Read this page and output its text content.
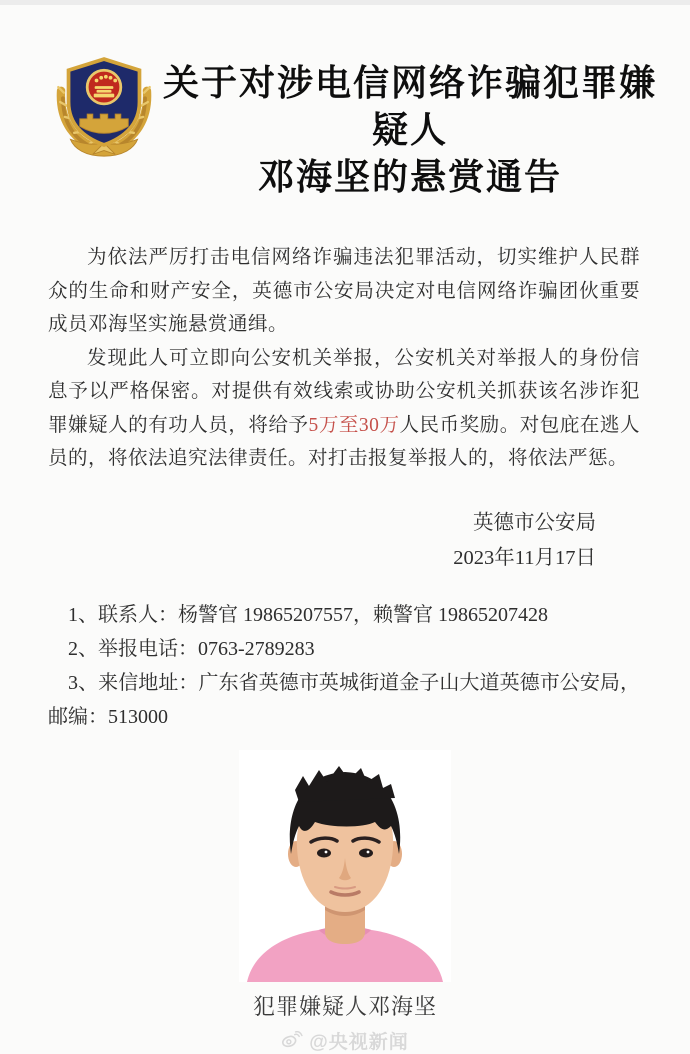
关于对涉电信网络诈骗犯罪嫌疑人
邓海坚的悬赏通告

为依法严厉打击电信网络诈骗违法犯罪活动，切实维护人民群众的生命和财产安全，英德市公安局决定对电信网络诈骗团伙重要成员邓海坚实施悬赏通缉。

发现此人可立即向公安机关举报，公安机关对举报人的身份信息予以严格保密。对提供有效线索或协助公安机关抓获该名涉诈犯罪嫌疑人的有功人员，将给予5万至30万人民币奖励。对包庇在逃人员的，将依法追究法律责任。对打击报复举报人的，将依法严惩。

英德市公安局
2023年11月17日

1、联系人：杨警官 19865207557，赖警官 19865207428

2、举报电话：0763-2789283

3、来信地址：广东省英德市英城街道金子山大道英德市公安局，邮编：513000

犯罪嫌疑人邓海坚
@央视新闻
